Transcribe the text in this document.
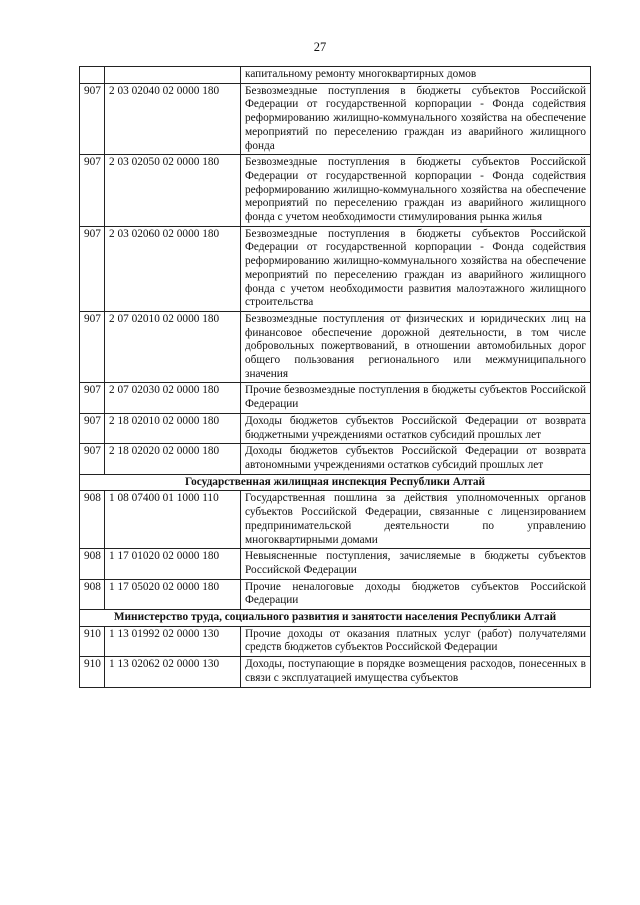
27
		капитальному ремонту многоквартирных домов
907	2 03 02040 02 0000 180	Безвозмездные поступления в бюджеты субъектов Российской Федерации от государственной корпорации - Фонда содействия реформированию жилищно-коммунального хозяйства на обеспечение мероприятий по переселению граждан из аварийного жилищного фонда
907	2 03 02050 02 0000 180	Безвозмездные поступления в бюджеты субъектов Российской Федерации от государственной корпорации - Фонда содействия реформированию жилищно-коммунального хозяйства на обеспечение мероприятий по переселению граждан из аварийного жилищного фонда с учетом необходимости стимулирования рынка жилья
907	2 03 02060 02 0000 180	Безвозмездные поступления в бюджеты субъектов Российской Федерации от государственной корпорации - Фонда содействия реформированию жилищно-коммунального хозяйства на обеспечение мероприятий по переселению граждан из аварийного жилищного фонда с учетом необходимости развития малоэтажного жилищного строительства
907	2 07 02010 02 0000 180	Безвозмездные поступления от физических и юридических лиц на финансовое обеспечение дорожной деятельности, в том числе добровольных пожертвований, в отношении автомобильных дорог общего пользования регионального или межмуниципального значения
907	2 07 02030 02 0000 180	Прочие безвозмездные поступления в бюджеты субъектов Российской Федерации
907	2 18 02010 02 0000 180	Доходы бюджетов субъектов Российской Федерации от возврата бюджетными учреждениями остатков субсидий прошлых лет
907	2 18 02020 02 0000 180	Доходы бюджетов субъектов Российской Федерации от возврата автономными учреждениями остатков субсидий прошлых лет
Государственная жилищная инспекция Республики Алтай		
908	1 08 07400 01 1000 110	Государственная пошлина за действия уполномоченных органов субъектов Российской Федерации, связанные с лицензированием предпринимательской деятельности по управлению многоквартирными домами
908	1 17 01020 02 0000 180	Невыясненные поступления, зачисляемые в бюджеты субъектов Российской Федерации
908	1 17 05020 02 0000 180	Прочие неналоговые доходы бюджетов субъектов Российской Федерации
Министерство труда, социального развития и занятости населения Республики Алтай		
910	1 13 01992 02 0000 130	Прочие доходы от оказания платных услуг (работ) получателями средств бюджетов субъектов Российской Федерации
910	1 13 02062 02 0000 130	Доходы, поступающие в порядке возмещения расходов, понесенных в связи с эксплуатацией имущества субъектов
